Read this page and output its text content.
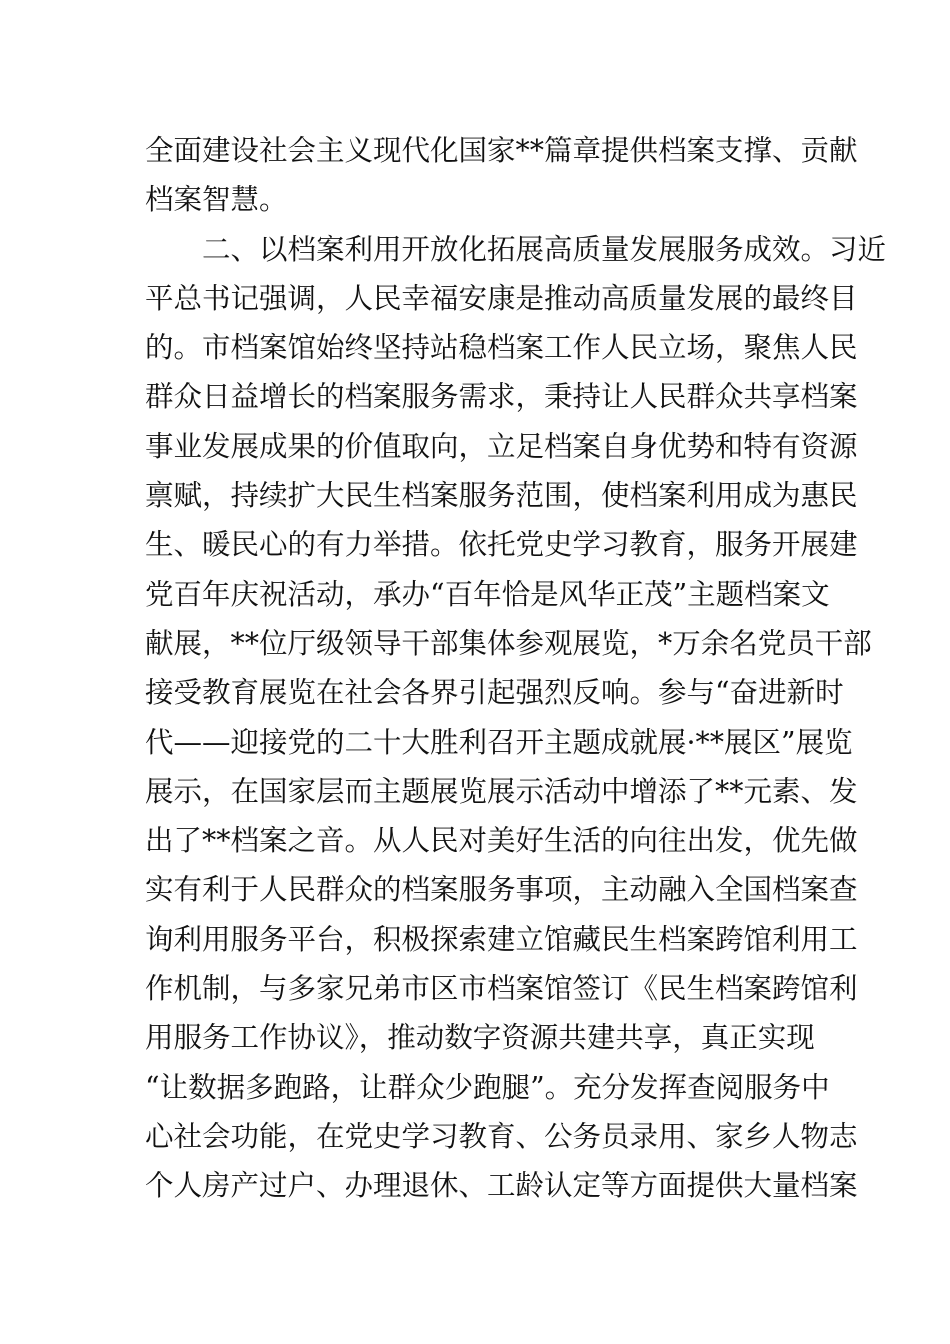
全面建设社会主义现代化国家**篇章提供档案支撑、贡献
档案智慧。
　　二、以档案利用开放化拓展高质量发展服务成效。习近
平总书记强调，人民幸福安康是推动高质量发展的最终目
的。市档案馆始终坚持站稳档案工作人民立场，聚焦人民
群众日益增长的档案服务需求，秉持让人民群众共享档案
事业发展成果的价值取向，立足档案自身优势和特有资源
禀赋，持续扩大民生档案服务范围，使档案利用成为惠民
生、暖民心的有力举措。依托党史学习教育，服务开展建
党百年庆祝活动，承办“百年恰是风华正茂”主题档案文
献展，**位厅级领导干部集体参观展览，*万余名党员干部
接受教育展览在社会各界引起强烈反响。参与“奋进新时
代——迎接党的二十大胜利召开主题成就展·**展区”展览
展示，在国家层而主题展览展示活动中增添了**元素、发
出了**档案之音。从人民对美好生活的向往出发，优先做
实有利于人民群众的档案服务事项，主动融入全国档案查
询利用服务平台，积极探索建立馆藏民生档案跨馆利用工
作机制，与多家兄弟市区市档案馆签订《民生档案跨馆利
用服务工作协议》，推动数字资源共建共享，真正实现
“让数据多跑路，让群众少跑腿”。充分发挥查阅服务中
心社会功能，在党史学习教育、公务员录用、家乡人物志
个人房产过户、办理退休、工龄认定等方面提供大量档案
